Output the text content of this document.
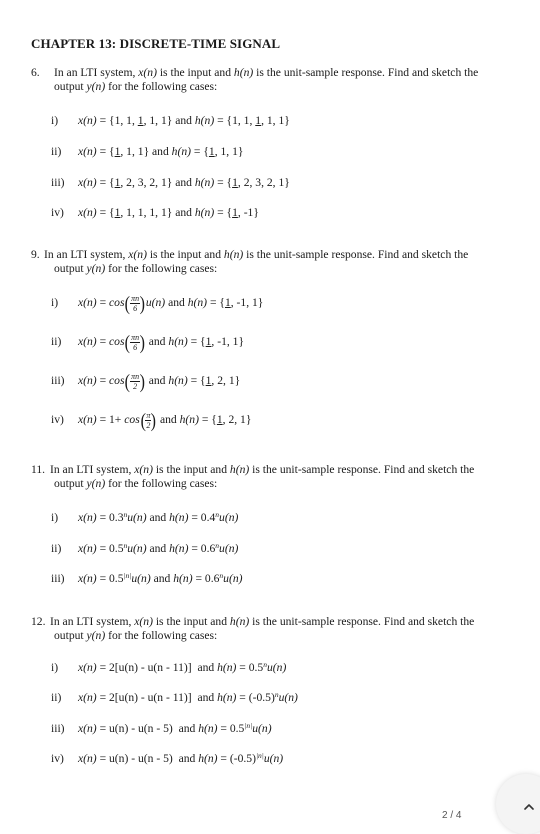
CHAPTER 13: DISCRETE-TIME SIGNAL
6. In an LTI system, x(n) is the input and h(n) is the unit-sample response. Find and sketch the
output y(n) for the following cases:
i) x(n) = {1, 1, 1, 1, 1} and h(n) = {1, 1, 1, 1, 1}
ii) x(n) = {1, 1, 1} and h(n) = {1, 1, 1}
iii) x(n) = {1, 2, 3, 2, 1} and h(n) = {1, 2, 3, 2, 1}
iv) x(n) = {1, 1, 1, 1, 1} and h(n) = {1, -1}
9. In an LTI system, x(n) is the input and h(n) is the unit-sample response. Find and sketch the
output y(n) for the following cases:
i) $x(n) = \cos( \frac{\pi n}{6} )u(n)$ and h(n) = {1, -1, 1}
ii) $x(n) = \cos( \frac{\pi n}{6}$ ) and h(n) = {1, -1, 1}
iii) $x(n) = \cos( \frac{\pi n}{2}$ ) and h(n) = {1, 2, 1}
iv) $x(n) = 1+ \cos( \frac{\pi}{2}$ ) and h(n) = {1, 2, 1}
11. In an LTI system, x(n) is the input and h(n) is the unit-sample response. Find and sketch the
output y(n) for the following cases:
i) $x(n) = 0.3^nu(n)$ and $h(n) = 0.4^nu(n)$
ii) $x(n) = 0.5^nu(n)$ and $h(n) = 0.6^nu(n)$
iii) $x(n) = 0.5^{|n|}u(n)$ and $h(n) = 0.6^nu(n)$
12. In an LTI system, x(n) is the input and h(n) is the unit-sample response. Find and sketch the
output y(n) for the following cases:
i) x(n) = 2[u(n) - u(n - 11)]  and $h(n) = 0.5^nu(n)$
ii) x(n) = 2[u(n) - u(n - 11)]  and $h(n) = (-0.5)^nu(n)$
iii) x(n) = u(n) - u(n - 5)  and $h(n) = 0.5^{|n|}u(n)$
iv) x(n) = u(n) - u(n - 5)  and $h(n) = (-0.5)^{|n|}u(n)$
2 / 4
